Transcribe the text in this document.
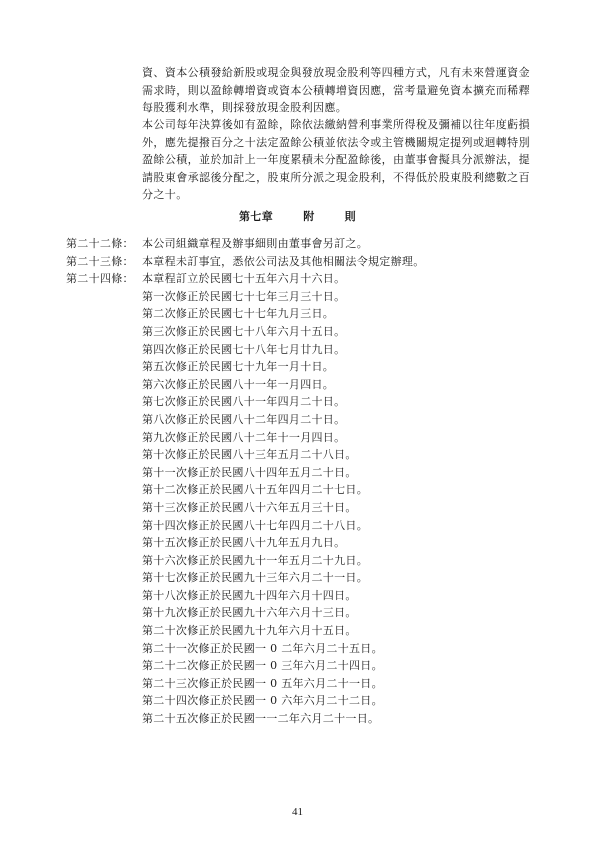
資、資本公積發給新股或現金與發放現金股利等四種方式，凡有未來營運資金需求時，則以盈餘轉增資或資本公積轉增資因應，當考量避免資本擴充而稀釋每股獲利水準，則採發放現金股利因應。

本公司每年決算後如有盈餘，除依法繳納營利事業所得稅及彌補以往年度虧損外，應先提撥百分之十法定盈餘公積並依法令或主管機關規定提列或迴轉特別盈餘公積，並於加計上一年度累積未分配盈餘後，由董事會擬具分派辦法，提請股東會承認後分配之，股東所分派之現金股利，不得低於股東股利總數之百分之十。

第七章	附	則
第二十二條： 本公司組織章程及辦事細則由董事會另訂之。
第二十三條： 本章程未訂事宜，悉依公司法及其他相關法令規定辦理。
第二十四條： 本章程訂立於民國七十五年六月十六日。
第一次修正於民國七十七年三月三十日。
第二次修正於民國七十七年九月三日。
第三次修正於民國七十八年六月十五日。
第四次修正於民國七十八年七月廿九日。
第五次修正於民國七十九年一月十日。
第六次修正於民國八十一年一月四日。
第七次修正於民國八十一年四月二十日。
第八次修正於民國八十二年四月二十日。
第九次修正於民國八十二年十一月四日。
第十次修正於民國八十三年五月二十八日。
第十一次修正於民國八十四年五月二十日。
第十二次修正於民國八十五年四月二十七日。
第十三次修正於民國八十六年五月三十日。
第十四次修正於民國八十七年四月二十八日。
第十五次修正於民國八十九年五月九日。
第十六次修正於民國九十一年五月二十九日。
第十七次修正於民國九十三年六月二十一日。
第十八次修正於民國九十四年六月十四日。
第十九次修正於民國九十六年六月十三日。
第二十次修正於民國九十九年六月十五日。
第二十一次修正於民國一 0 二年六月二十五日。
第二十二次修正於民國一 0 三年六月二十四日。
第二十三次修正於民國一 0 五年六月二十一日。
第二十四次修正於民國一 0 六年六月二十二日。
第二十五次修正於民國一一二年六月二十一日。
41
